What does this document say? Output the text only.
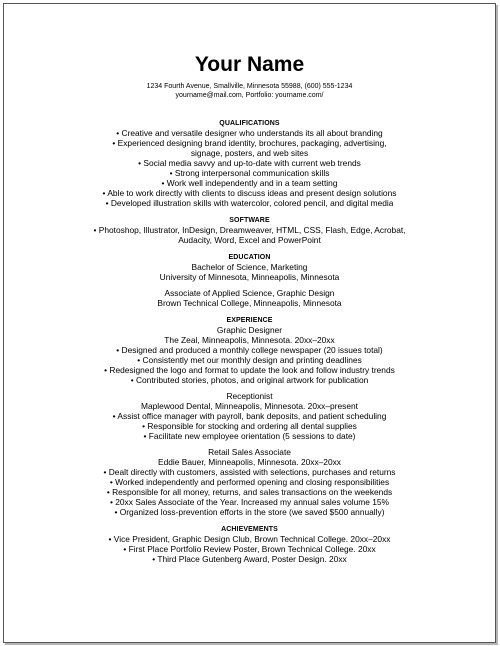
Your Name
1234 Fourth Avenue, Smallville, Minnesota 55988, (600) 555-1234
yourname@mail.com, Portfolio: yourname.com/
QUALIFICATIONS
• Creative and versatile designer who understands its all about branding
• Experienced designing brand identity, brochures, packaging, advertising,
signage, posters, and web sites
• Social media savvy and up-to-date with current web trends
• Strong interpersonal communication skills
• Work well independently and in a team setting
• Able to work directly with clients to discuss ideas and present design solutions
• Developed illustration skills with watercolor, colored pencil, and digital media
SOFTWARE
• Photoshop, Illustrator, InDesign, Dreamweaver, HTML, CSS, Flash, Edge, Acrobat,
Audacity, Word, Excel and PowerPoint
EDUCATION
Bachelor of Science, Marketing
University of Minnesota, Minneapolis, Minnesota
Associate of Applied Science, Graphic Design
Brown Technical College, Minneapolis, Minnesota
EXPERIENCE
Graphic Designer
The Zeal, Minneapolis, Minnesota. 20xx–20xx
• Designed and produced a monthly college newspaper (20 issues total)
• Consistently met our monthly design and printing deadlines
• Redesigned the logo and format to update the look and follow industry trends
• Contributed stories, photos, and original artwork for publication
Receptionist
Maplewood Dental, Minneapolis, Minnesota. 20xx–present
• Assist office manager with payroll, bank deposits, and patient scheduling
• Responsible for stocking and ordering all dental supplies
• Facilitate new employee orientation (5 sessions to date)
Retail Sales Associate
Eddie Bauer, Minneapolis, Minnesota. 20xx–20xx
• Dealt directly with customers, assisted with selections, purchases and returns
• Worked independently and performed opening and closing responsibilities
• Responsible for all money, returns, and sales transactions on the weekends
• 20xx Sales Associate of the Year. Increased my annual sales volume 15%
• Organized loss-prevention efforts in the store (we saved $500 annually)
ACHIEVEMENTS
• Vice President, Graphic Design Club, Brown Technical College. 20xx–20xx
• First Place Portfolio Review Poster, Brown Technical College. 20xx
• Third Place Gutenberg Award, Poster Design. 20xx
